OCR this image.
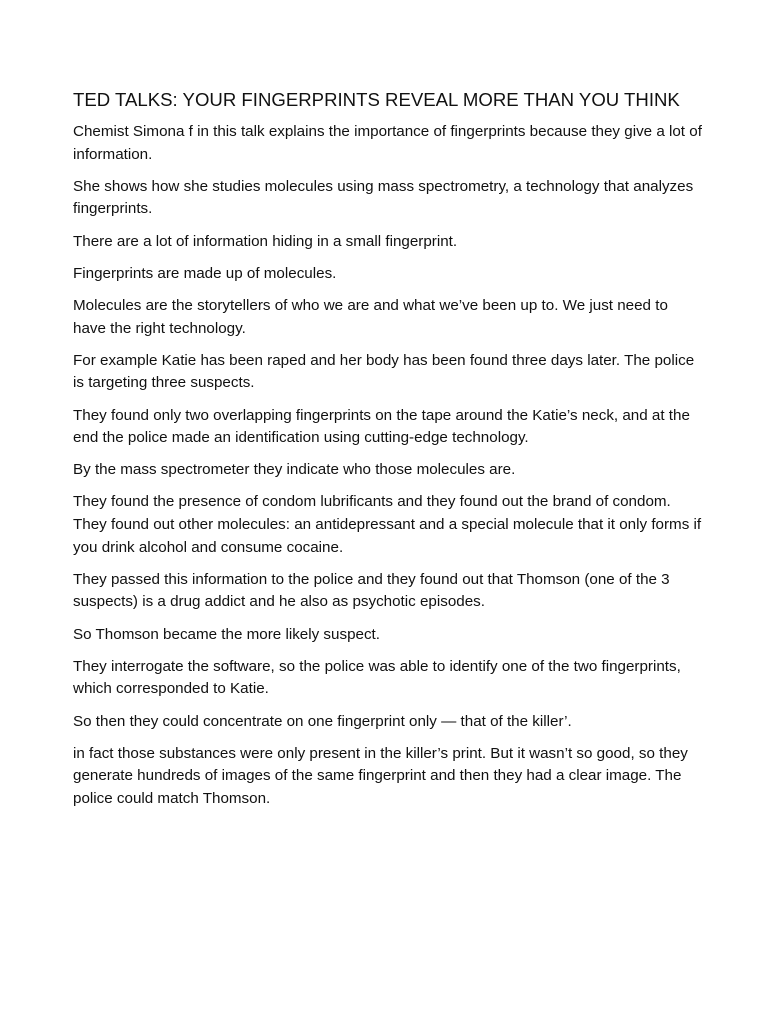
TED TALKS: YOUR FINGERPRINTS REVEAL MORE THAN YOU THINK

Chemist Simona f in this talk explains the importance of fingerprints because they give a lot of information.

She shows how she studies molecules using mass spectrometry, a technology that analyzes fingerprints.

There are a lot of information hiding in a small fingerprint.

Fingerprints are made up of molecules.

Molecules are the storytellers of who we are and what we’ve been up to. We just need to have the right technology.

For example Katie has been raped and her body has been found three days later. The police is targeting three suspects.

They found only two overlapping fingerprints on the tape around the Katie’s neck, and at the end the police made an identification using cutting-edge technology.

By the mass spectrometer they indicate who those molecules are.

They found the presence of condom lubrificants and they found out the brand of condom. They found out other molecules: an antidepressant and a special molecule that it only forms if you drink alcohol and consume cocaine.

They passed this information to the police and they found out that Thomson (one of the 3 suspects) is a drug addict and he also as psychotic episodes.

So Thomson became the more likely suspect.

They interrogate the software, so the police was able to identify one of the two fingerprints, which corresponded to Katie.

So then they could concentrate on one fingerprint only — that of the killer’.

in fact those substances were only present in the killer’s print. But it wasn’t so good, so they generate hundreds of images of the same fingerprint and then they had a clear image. The police could match Thomson.
